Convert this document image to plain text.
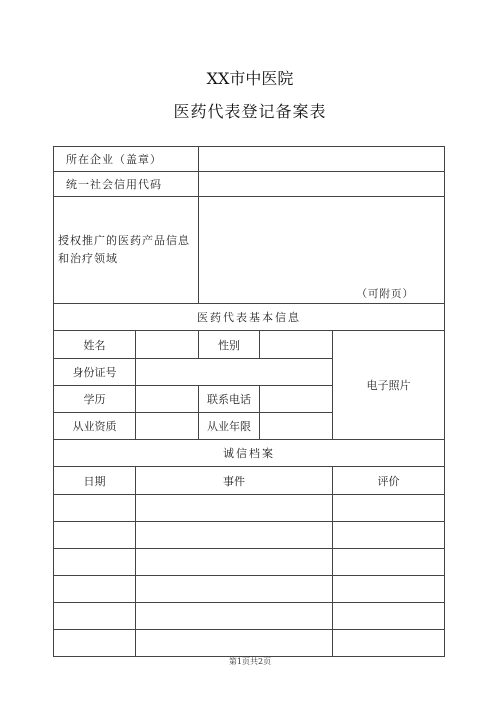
XX市中医院
医药代表登记备案表
所在企业（盖章）				
统一社会信用代码				
授权推广的医药产品信息和治疗领域		（可附页）		

医药代表基本信息				
姓名		性别		电子照片
身份证号				
学历		联系电话		
从业资质		从业年限		
诚信档案				
日期	事件			评价

第1页共2页
